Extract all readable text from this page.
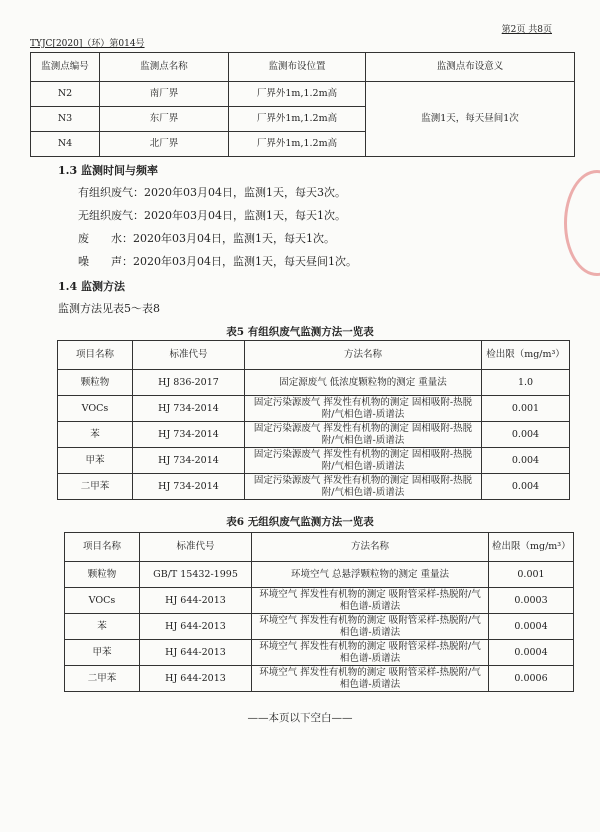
第2页 共8页
TYJC[2020]（环）第014号
监测点编号	监测点名称	监测布设位置	监测点布设意义
N2	南厂界	厂界外1m,1.2m高	监测1天，每天昼间1次
N3	东厂界	厂界外1m,1.2m高	
N4	北厂界	厂界外1m,1.2m高	
1.3 监测时间与频率
有组织废气：2020年03月04日，监测1天，每天3次。
无组织废气：2020年03月04日，监测1天，每天1次。
废　　水：2020年03月04日，监测1天，每天1次。
噪　　声：2020年03月04日，监测1天，每天昼间1次。
1.4 监测方法
监测方法见表5～表8
表5 有组织废气监测方法一览表
项目名称	标准代号	方法名称	检出限（mg/m³）
颗粒物	HJ 836-2017	固定源废气 低浓度颗粒物的测定 重量法	1.0
VOCs	HJ 734-2014	固定污染源废气 挥发性有机物的测定 固相吸附-热脱附/气相色谱-质谱法	0.001
苯	HJ 734-2014	固定污染源废气 挥发性有机物的测定 固相吸附-热脱附/气相色谱-质谱法	0.004
甲苯	HJ 734-2014	固定污染源废气 挥发性有机物的测定 固相吸附-热脱附/气相色谱-质谱法	0.004
二甲苯	HJ 734-2014	固定污染源废气 挥发性有机物的测定 固相吸附-热脱附/气相色谱-质谱法	0.004
表6 无组织废气监测方法一览表
项目名称	标准代号	方法名称	检出限（mg/m³）
颗粒物	GB/T 15432-1995	环境空气 总悬浮颗粒物的测定 重量法	0.001
VOCs	HJ 644-2013	环境空气 挥发性有机物的测定 吸附管采样-热脱附/气相色谱-质谱法	0.0003
苯	HJ 644-2013	环境空气 挥发性有机物的测定 吸附管采样-热脱附/气相色谱-质谱法	0.0004
甲苯	HJ 644-2013	环境空气 挥发性有机物的测定 吸附管采样-热脱附/气相色谱-质谱法	0.0004
二甲苯	HJ 644-2013	环境空气 挥发性有机物的测定 吸附管采样-热脱附/气相色谱-质谱法	0.0006
——本页以下空白——
